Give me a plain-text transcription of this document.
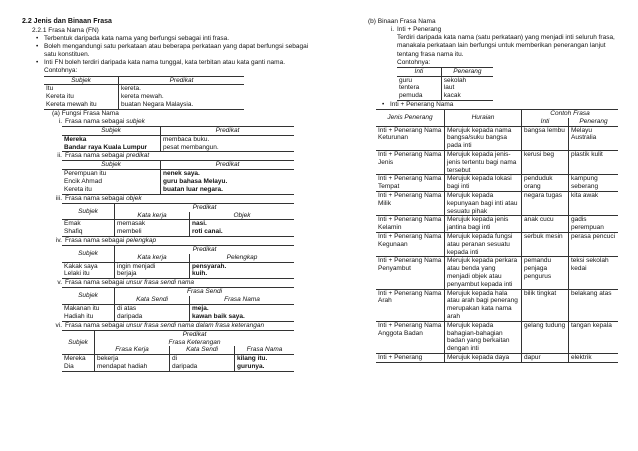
2.2 Jenis dan Binaan Frasa

2.2.1 Frasa Nama (FN)

• Terbentuk daripada kata nama yang berfungsi sebagai inti frasa.
• Boleh mengandungi satu perkataan atau beberapa perkataan yang dapat berfungsi sebagai satu konstituen.
• Inti FN boleh terdiri daripada kata nama tunggal, kata terbitan atau kata ganti nama.

Contohnya:

Subjek	Predikat
Itu	kereta.
Kereta itu	kereta mewah.
Kereta mewah itu	buatan Negara Malaysia.

(a) Fungsi Frasa Nama

i. Frasa nama sebagai subjek

Subjek	Predikat
Mereka	membaca buku.
Bandar raya Kuala Lumpur	pesat membangun.

ii. Frasa nama sebagai predikat

Subjek	Predikat
Perempuan itu	nenek saya.
Encik Ahmad	guru bahasa Melayu.
Kereta itu	buatan luar negara.

iii. Frasa nama sebagai objek

Subjek	Predikat	
	Kata kerja	Objek
Emak	memasak	nasi.
Shafiq	membeli	roti canai.

iv. Frasa nama sebagai pelengkap

Subjek	Predikat	
	Kata kerja	Pelengkap
Kakak saya	ingin menjadi	pensyarah.
Lelaki itu	berjaja	kuih.

v. Frasa nama sebagai unsur frasa sendi nama

Subjek	Frasa Sendi	
	Kata Sendi	Frasa Nama
Makanan itu	di atas	meja.
Hadiah itu	daripada	kawan baik saya.

vi. Frasa nama sebagai unsur frasa sendi nama dalam frasa keterangan

Subjek	Predikat		
	Frasa Keterangan		
	Frasa Kerja	Kata Sendi	Frasa Nama
Mereka	bekerja	di	kilang itu.
Dia	mendapat hadiah	daripada	gurunya.

(b) Binaan Frasa Nama

i. Inti + Penerang

Terdiri daripada kata nama (satu perkataan) yang menjadi inti seluruh frasa, manakala perkataan lain berfungsi untuk memberikan penerangan lanjut tentang frasa nama itu.

Contohnya:

Inti	Penerang
guru	sekolah
tentera	laut
pemuda	kacak
• Inti + Penerang Nama
Jenis Penerang	Huraian	Contoh Frasa	
		Inti	Penerang
Inti + Penerang Nama Keturunan	Merujuk kepada nama bangsa/suku bangsa pada inti	bangsa lembu	Melayu Australia
Inti + Penerang Nama Jenis	Merujuk kepada jenis-jenis tertentu bagi nama tersebut	kerusi beg	plastik kulit
Inti + Penerang Nama Tempat	Merujuk kepada lokasi bagi inti	penduduk orang	kampung seberang
Inti + Penerang Nama Milik	Merujuk kepada kepunyaan bagi inti atau sesuatu pihak	negara tugas	kita awak
Inti + Penerang Nama Kelamin	Merujuk kepada jenis jantina bagi inti	anak cucu	gadis perempuan
Inti + Penerang Nama Kegunaan	Merujuk kepada fungsi atau peranan sesuatu kepada inti	serbuk mesin	perasa pencuci
Inti + Penerang Nama Penyambut	Merujuk kepada perkara atau benda yang menjadi objek atau penyambut kepada inti	pemandu penjaga pengurus	teksi sekolah kedai
Inti + Penerang Nama Arah	Merujuk kepada hala atau arah bagi penerang merupakan kata nama arah	bilik tingkat	belakang atas
Inti + Penerang Nama Anggota Badan	Merujuk kepada bahagian-bahagian badan yang berkaitan dengan inti	gelang tudung	tangan kepala
Inti + Penerang	Merujuk kepada daya	dapur	elektrik
